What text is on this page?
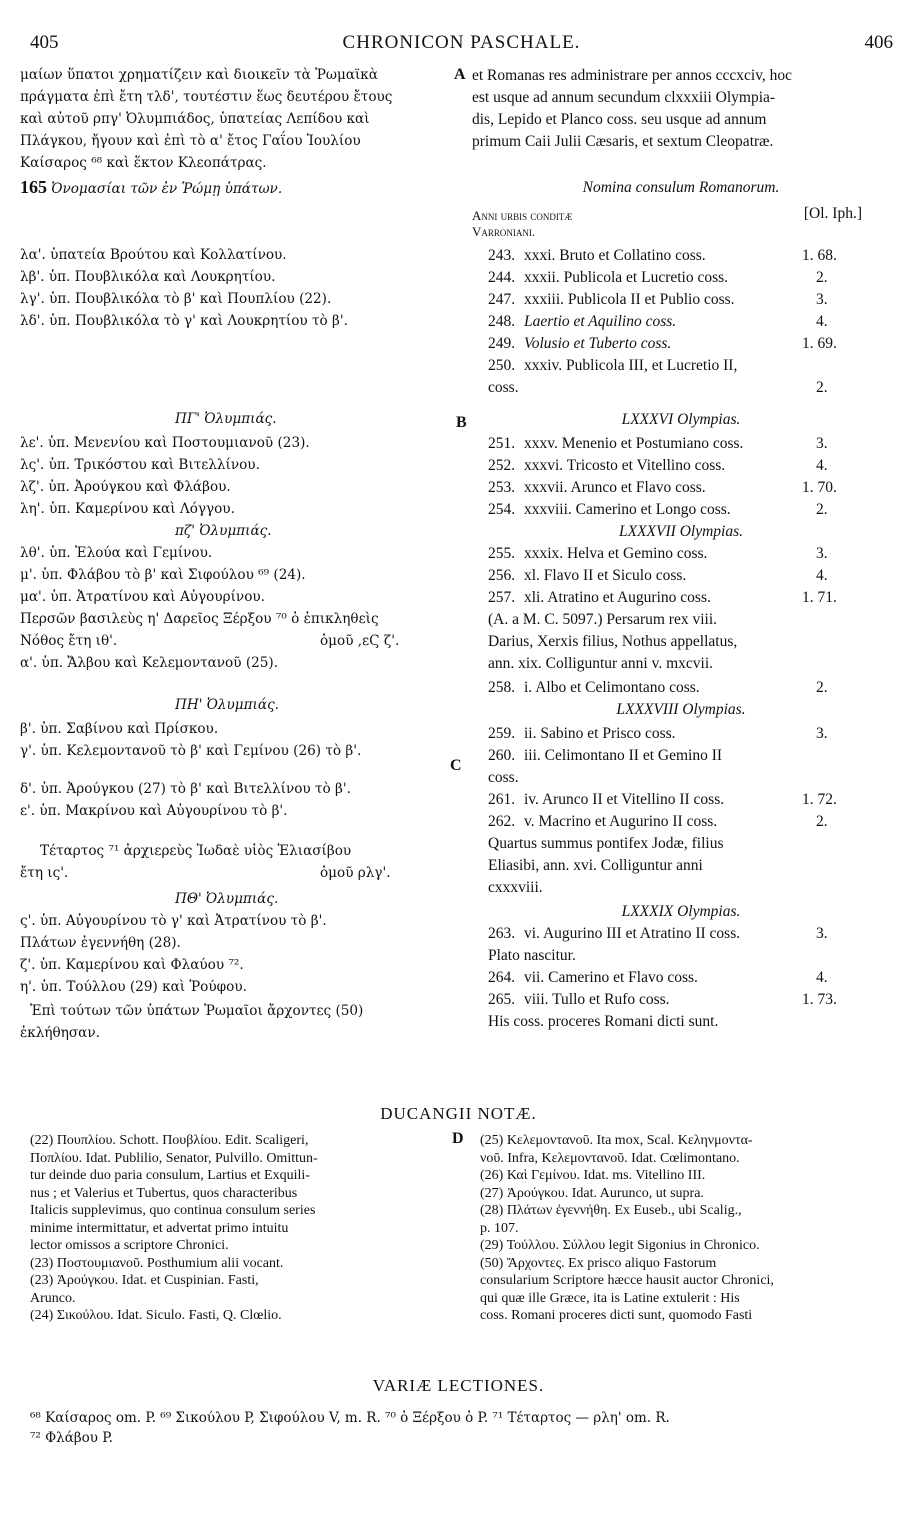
405	CHRONICON PASCHALE.	406
μαίων ὕπατοι χρηματίζειν καὶ διοικεῖν τὰ Ῥωμαϊκὰ
πράγματα ἐπὶ ἔτη τλδ', τουτέστιν ἕως δευτέρου ἔτους
καὶ αὐτοῦ ρπγ' Ὀλυμπιάδος, ὑπατείας Λεπίδου καὶ
Πλάγκου, ἤγουν καὶ ἐπὶ τὸ α' ἔτος Γαΐου Ἰουλίου
Καίσαρος ⁶⁸ καὶ ἕκτον Κλεοπάτρας.
165 Ὀνομασίαι τῶν ἐν Ῥώμῃ ὑπάτων.
A
B
C
D
et Romanas res administrare per annos cccxciv, hoc
est usque ad annum secundum clxxxiii Olympia-
dis, Lepido et Planco coss. seu usque ad annum
primum Caii Julii Cæsaris, et sextum Cleopatræ.
Nomina consulum Romanorum.
Anni urbis conditæ	[Ol. Iph.]
Varroniani.
λα'. ὑπατεία Βρούτου καὶ Κολλατίνου.
λβ'. ὑπ. Πουβλικόλα καὶ Λουκρητίου.
λγ'. ὑπ. Πουβλικόλα τὸ β' καὶ Πουπλίου (22).
λδ'. ὑπ. Πουβλικόλα τὸ γ' καὶ Λουκρητίου τὸ β'.
ΠΓ' Ὀλυμπιάς.
λε'. ὑπ. Μενενίου καὶ Ποστουμιανοῦ (23).
λς'. ὑπ. Τρικόστου καὶ Βιτελλίνου.
λζ'. ὑπ. Ἀρούγκου καὶ Φλάβου.
λη'. ὑπ. Καμερίνου καὶ Λόγγου.
πζ' Ὀλυμπιάς.
λθ'. ὑπ. Ἐλούα καὶ Γεμίνου.
μ'. ὑπ. Φλάβου τὸ β' καὶ Σιφούλου ⁶⁹ (24).
μα'. ὑπ. Ἀτρατίνου καὶ Αὐγουρίνου.
Περσῶν βασιλεὺς η' Δαρεῖος Ξέρξου ⁷⁰ ὁ ἐπικληθεὶς
Νόθος ἔτη ιθ'.	ὁμοῦ ,εϚ ζ'.
α'. ὑπ. Ἄλβου καὶ Κελεμοντανοῦ (25).
ΠΗ' Ὀλυμπιάς.
β'. ὑπ. Σαβίνου καὶ Πρίσκου.
γ'. ὑπ. Κελεμοντανοῦ τὸ β' καὶ Γεμίνου (26) τὸ β'.
δ'. ὑπ. Ἀρούγκου (27) τὸ β' καὶ Βιτελλίνου τὸ β'.
ε'. ὑπ. Μακρίνου καὶ Αὐγουρίνου τὸ β'.
Τέταρτος ⁷¹ ἀρχιερεὺς Ἰωδαὲ υἱὸς Ἐλιασίβου
ἔτη ις'.	ὁμοῦ ρλγ'.
ΠΘ' Ὀλυμπιάς.
ς'. ὑπ. Αὐγουρίνου τὸ γ' καὶ Ἀτρατίνου τὸ β'.
Πλάτων ἐγεννήθη (28).
ζ'. ὑπ. Καμερίνου καὶ Φλαύου ⁷².
η'. ὑπ. Τούλλου (29) καὶ Ῥούφου.
Ἐπὶ τούτων τῶν ὑπάτων Ῥωμαῖοι ἄρχοντες (50)
ἐκλήθησαν.
243. xxxi. Bruto et Collatino coss.	1. 68.
244. xxxii. Publicola et Lucretio coss.	2.
247. xxxiii. Publicola II et Publio coss.	3.
248. Laertio et Aquilino coss.	4.
249. Volusio et Tuberto coss.	1. 69.
250. xxxiv. Publicola III, et Lucretio II,
coss.	2.
LXXXVI Olympias.
251. xxxv. Menenio et Postumiano coss.	3.
252. xxxvi. Tricosto et Vitellino coss.	4.
253. xxxvii. Arunco et Flavo coss.	1. 70.
254. xxxviii. Camerino et Longo coss.	2.
LXXXVII Olympias.
255. xxxix. Helva et Gemino coss.	3.
256. xl. Flavo II et Siculo coss.	4.
257. xli. Atratino et Augurino coss.	1. 71.
(A. a M. C. 5097.) Persarum rex viii.
Darius, Xerxis filius, Nothus appellatus,
ann. xix. Colliguntur anni v. mxcvii.
258. i. Albo et Celimontano coss.	2.
LXXXVIII Olympias.
259. ii. Sabino et Prisco coss.	3.
260. iii. Celimontano II et Gemino II
coss.
261. iv. Arunco II et Vitellino II coss.	1. 72.
262. v. Macrino et Augurino II coss.	2.
Quartus summus pontifex Jodæ, filius
Eliasibi, ann. xvi. Colliguntur anni
cxxxviii.
LXXXIX Olympias.
263. vi. Augurino III et Atratino II coss.	3.
Plato nascitur.
264. vii. Camerino et Flavo coss.	4.
265. viii. Tullo et Rufo coss.	1. 73.
His coss. proceres Romani dicti sunt.
DUCANGII NOTÆ.

(22) Πουπλίου. Schott. Πουβλίου. Edit. Scaligeri,

Ποπλίου. Idat. Publilio, Senator, Pulvillo. Omittun-

tur deinde duo paria consulum, Lartius et Exquili-

nus ; et Valerius et Tubertus, quos characteribus

Italicis supplevimus, quo continua consulum series

minime intermittatur, et advertat primo intuitu

lector omissos a scriptore Chronici.

(23) Ποστουμιανοῦ. Posthumium alii vocant.

(23) Ἀρούγκου. Idat. et Cuspinian. Fasti,

Arunco.

(24) Σικούλου. Idat. Siculo. Fasti, Q. Clœlio.

(25) Κελεμοντανοῦ. Ita mox, Scal. Κεληνμοντα-

νοῦ. Infra, Κελεμοντανοῦ. Idat. Cœlimontano.

(26) Καὶ Γεμίνου. Idat. ms. Vitellino III.

(27) Ἀρούγκου. Idat. Aurunco, ut supra.

(28) Πλάτων ἐγεννήθη. Ex Euseb., ubi Scalig.,

p. 107.

(29) Τούλλου. Σύλλου legit Sigonius in Chronico.

(50) Ἄρχοντες. Ex prisco aliquo Fastorum

consularium Scriptore hæcce hausit auctor Chronici,

qui quæ ille Græce, ita is Latine extulerit : His

coss. Romani proceres dicti sunt, quomodo Fasti

VARIÆ LECTIONES.
⁶⁸ Καίσαρος om. P. ⁶⁹ Σικούλου P, Σιφούλου V, m. R. ⁷⁰ ὁ Ξέρξου ὁ P. ⁷¹ Τέταρτος — ρλη' om. R.
⁷² Φλάβου P.
